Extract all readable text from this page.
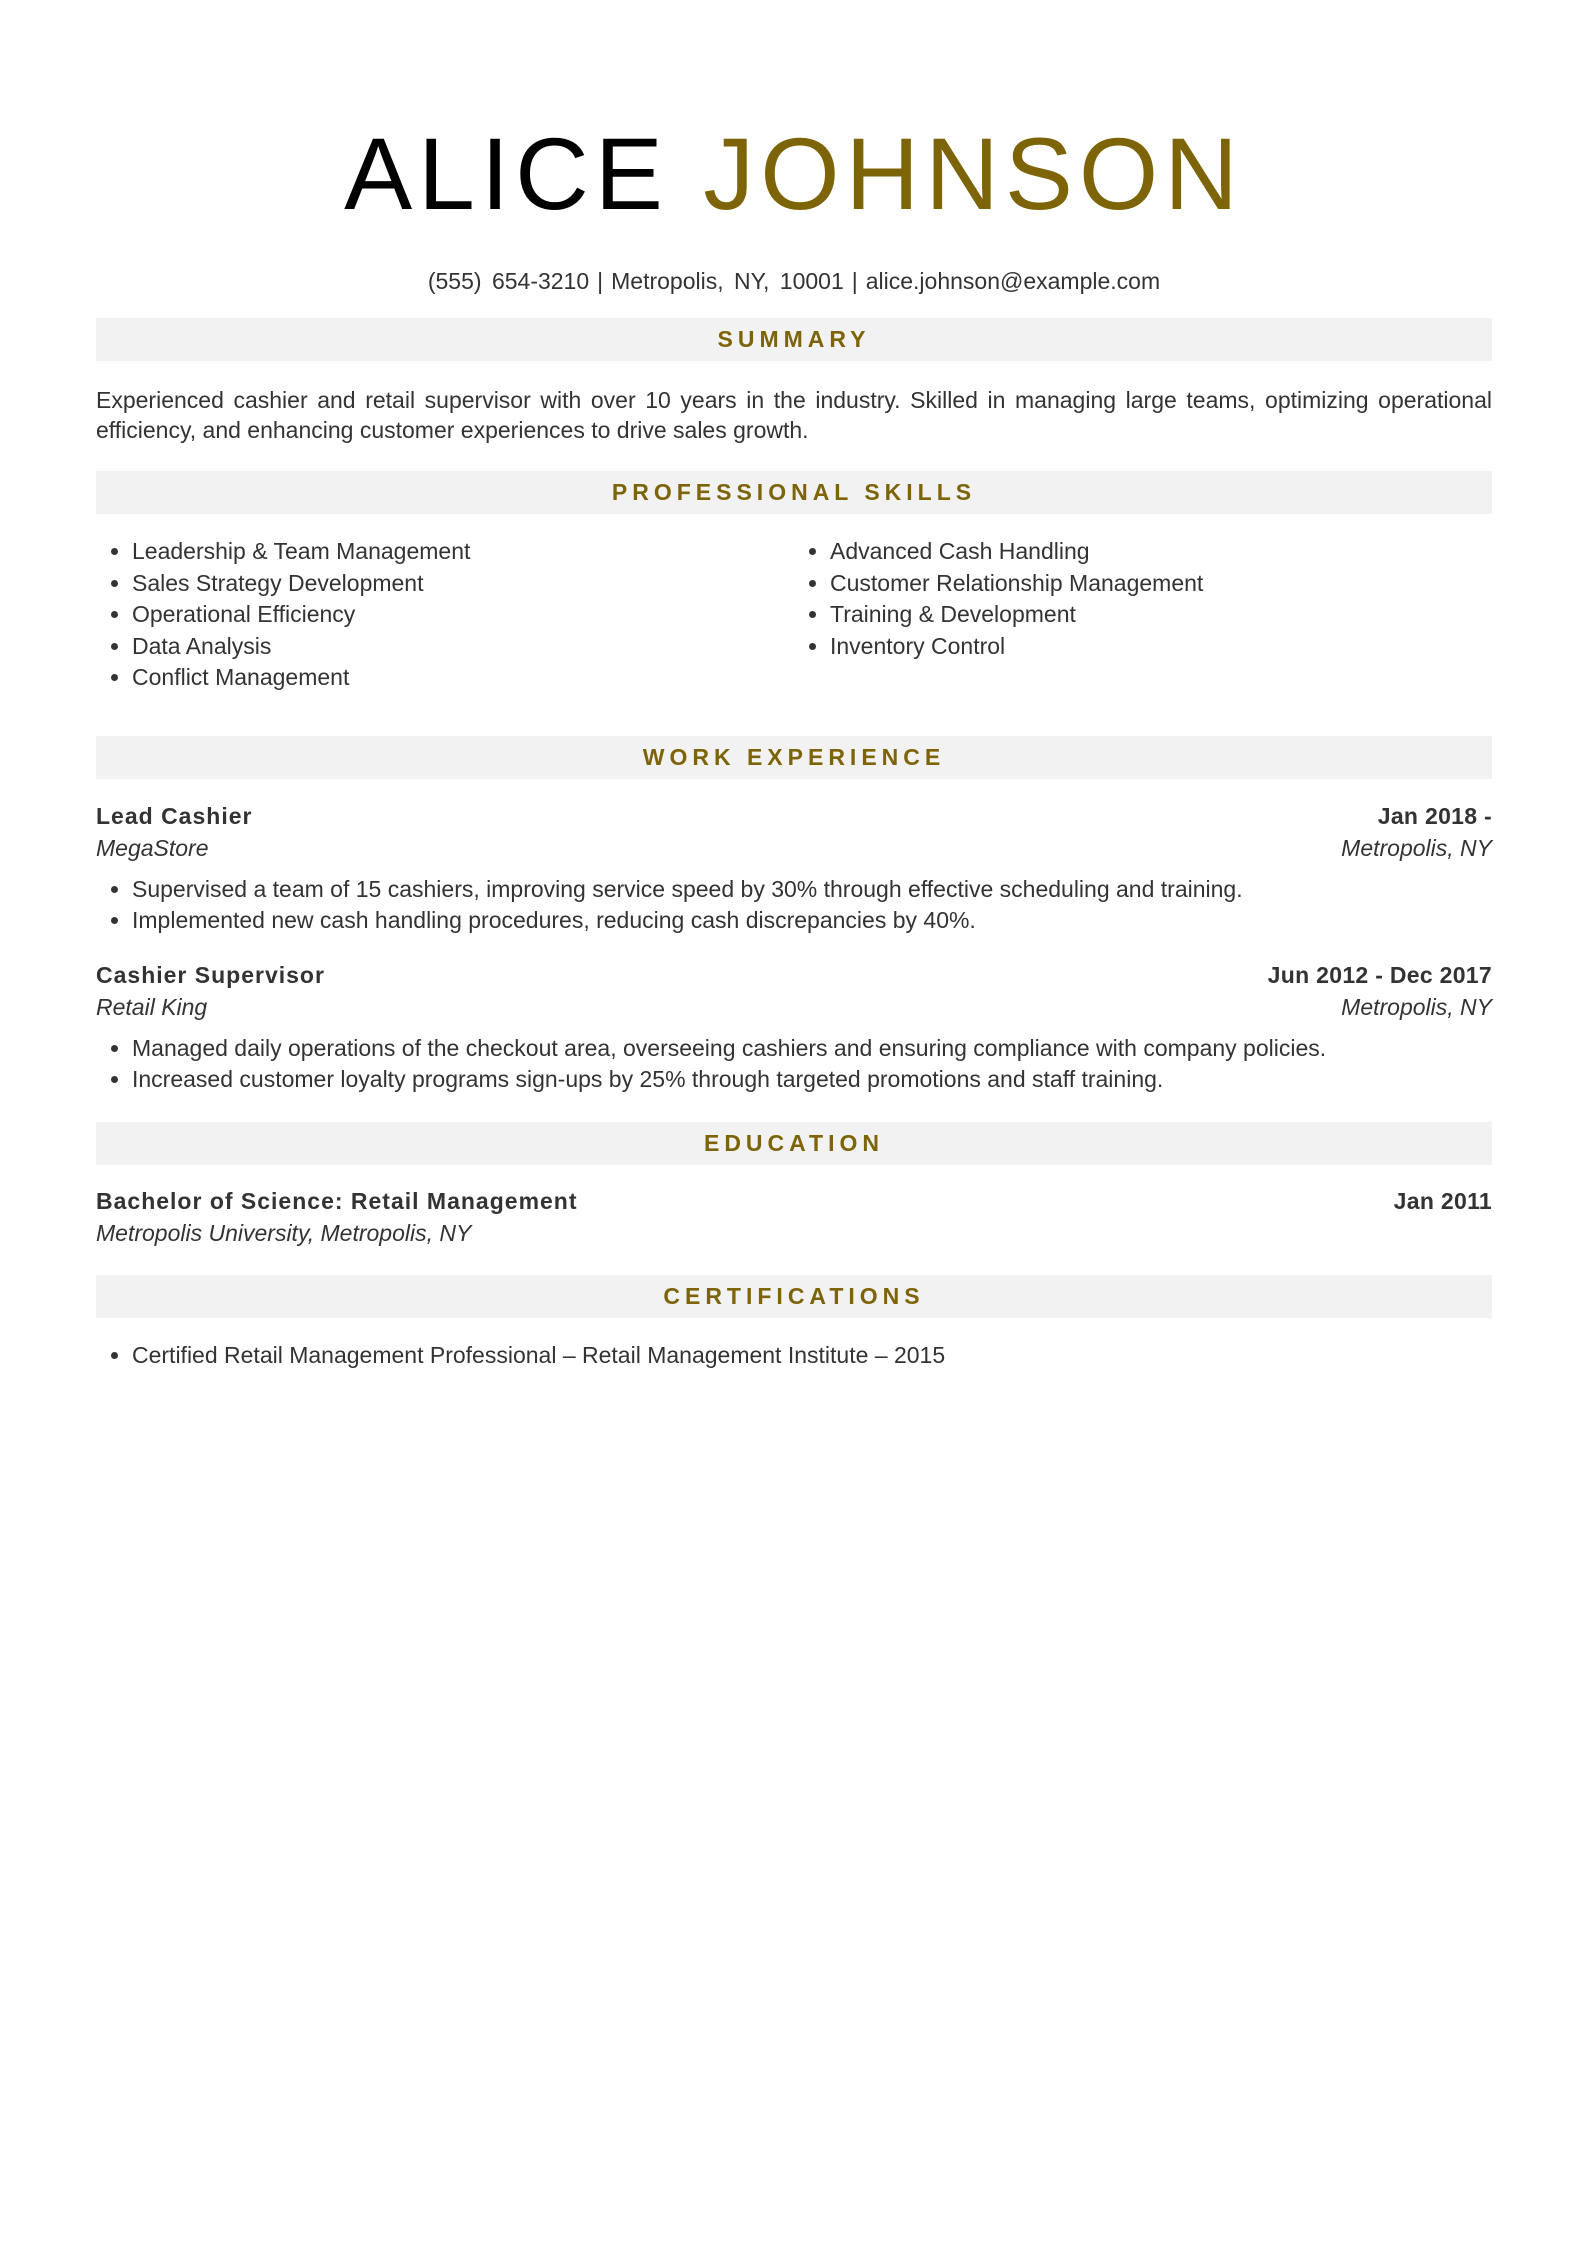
ALICE JOHNSON
(555) 654-3210 | Metropolis, NY, 10001 | alice.johnson@example.com
SUMMARY

Experienced cashier and retail supervisor with over 10 years in the industry. Skilled in managing large teams, optimizing operational efficiency, and enhancing customer experiences to drive sales growth.

PROFESSIONAL SKILLS
• Leadership & Team Management
• Sales Strategy Development
• Operational Efficiency
• Data Analysis
• Conflict Management
• Advanced Cash Handling
• Customer Relationship Management
• Training & Development
• Inventory Control
WORK EXPERIENCE
Lead Cashier	Jan 2018 -
MegaStore	Metropolis, NY
• Supervised a team of 15 cashiers, improving service speed by 30% through effective scheduling and training.
• Implemented new cash handling procedures, reducing cash discrepancies by 40%.
Cashier Supervisor	Jun 2012 - Dec 2017
Retail King	Metropolis, NY
• Managed daily operations of the checkout area, overseeing cashiers and ensuring compliance with company policies.
• Increased customer loyalty programs sign-ups by 25% through targeted promotions and staff training.
EDUCATION
Bachelor of Science: Retail Management	Jan 2011
Metropolis University, Metropolis, NY
CERTIFICATIONS
• Certified Retail Management Professional – Retail Management Institute – 2015
